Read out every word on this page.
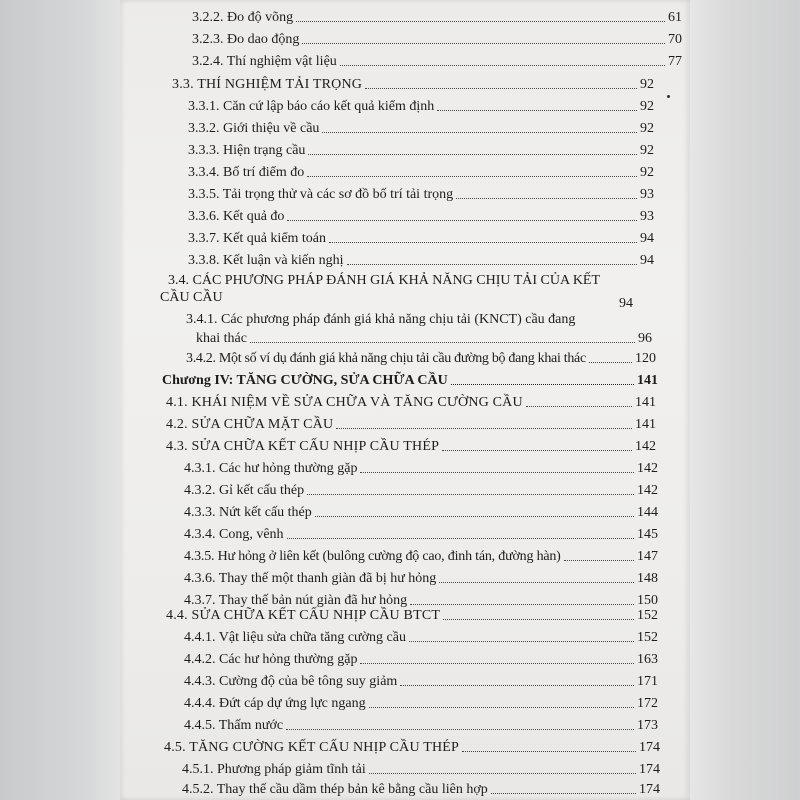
3.2.2. Đo độ võng	61
3.2.3. Đo dao động	70
3.2.4. Thí nghiệm vật liệu	77
3.3. THÍ NGHIỆM TẢI TRỌNG	92
3.3.1. Căn cứ lập báo cáo kết quả kiểm định	92
3.3.2. Giới thiệu về cầu	92
3.3.3. Hiện trạng cầu	92
3.3.4. Bố trí điểm đo	92
3.3.5. Tải trọng thử và các sơ đồ bố trí tải trọng	93
3.3.6. Kết quả đo	93
3.3.7. Kết quả kiểm toán	94
3.3.8. Kết luận và kiến nghị	94
3.4. CÁC PHƯƠNG PHÁP ĐÁNH GIÁ KHẢ NĂNG CHỊU TẢI CỦA KẾT
CẦU CẦU	94
3.4.1. Các phương pháp đánh giá khả năng chịu tải (KNCT) cầu đang
khai thác	96
3.4.2. Một số ví dụ đánh giá khả năng chịu tải cầu đường bộ đang khai thác	120
Chương IV: TĂNG CƯỜNG, SỬA CHỮA CẦU	141
4.1. KHÁI NIỆM VỀ SỬA CHỮA VÀ TĂNG CƯỜNG CẦU	141
4.2. SỬA CHỮA MẶT CẦU	141
4.3. SỬA CHỮA KẾT CẤU NHỊP CẦU THÉP	142
4.3.1. Các hư hỏng thường gặp	142
4.3.2. Gỉ kết cấu thép	142
4.3.3. Nứt kết cấu thép	144
4.3.4. Cong, vênh	145
4.3.5. Hư hỏng ở liên kết (bulông cường độ cao, đinh tán, đường hàn)	147
4.3.6. Thay thế một thanh giàn đã bị hư hỏng	148
4.3.7. Thay thế bản nút giàn đã hư hỏng	150
4.4. SỬA CHỮA KẾT CẤU NHỊP CẦU BTCT	152
4.4.1. Vật liệu sửa chữa tăng cường cầu	152
4.4.2. Các hư hỏng thường gặp	163
4.4.3. Cường độ của bê tông suy giảm	171
4.4.4. Đứt cáp dự ứng lực ngang	172
4.4.5. Thấm nước	173
4.5. TĂNG CƯỜNG KẾT CẤU NHỊP CẦU THÉP	174
4.5.1. Phương pháp giảm tĩnh tải	174
4.5.2. Thay thế cầu dầm thép bản kê bằng cầu liên hợp	174
